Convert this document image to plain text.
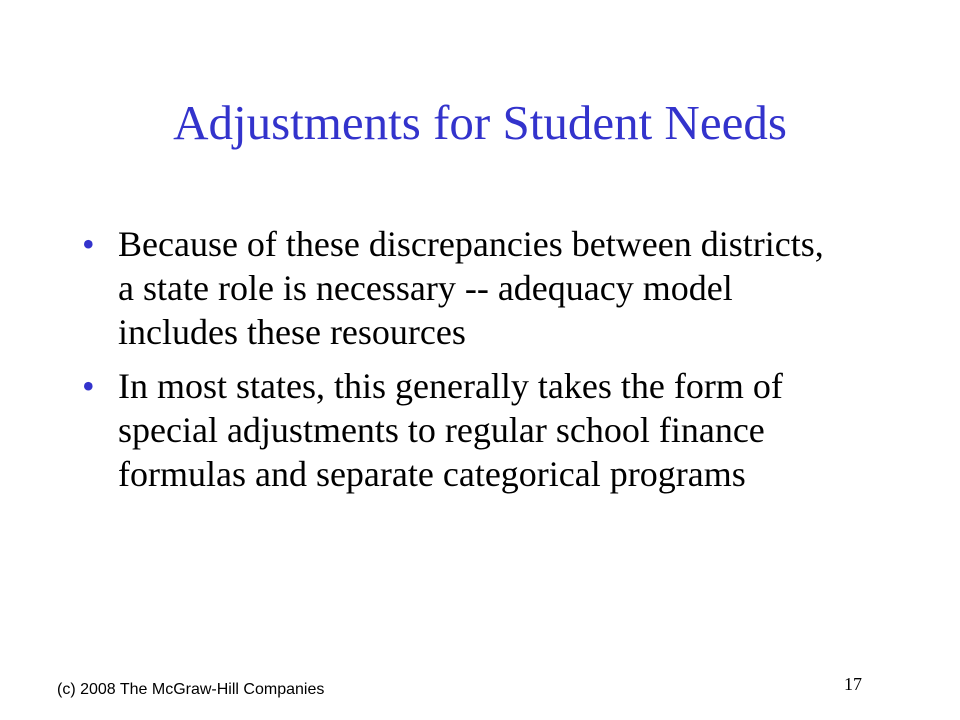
Adjustments for Student Needs
• Because of these discrepancies between districts, a state role is necessary -- adequacy model includes these resources
• In most states, this generally takes the form of special adjustments to regular school finance formulas and separate categorical programs
(c) 2008 The McGraw-Hill Companies	17
